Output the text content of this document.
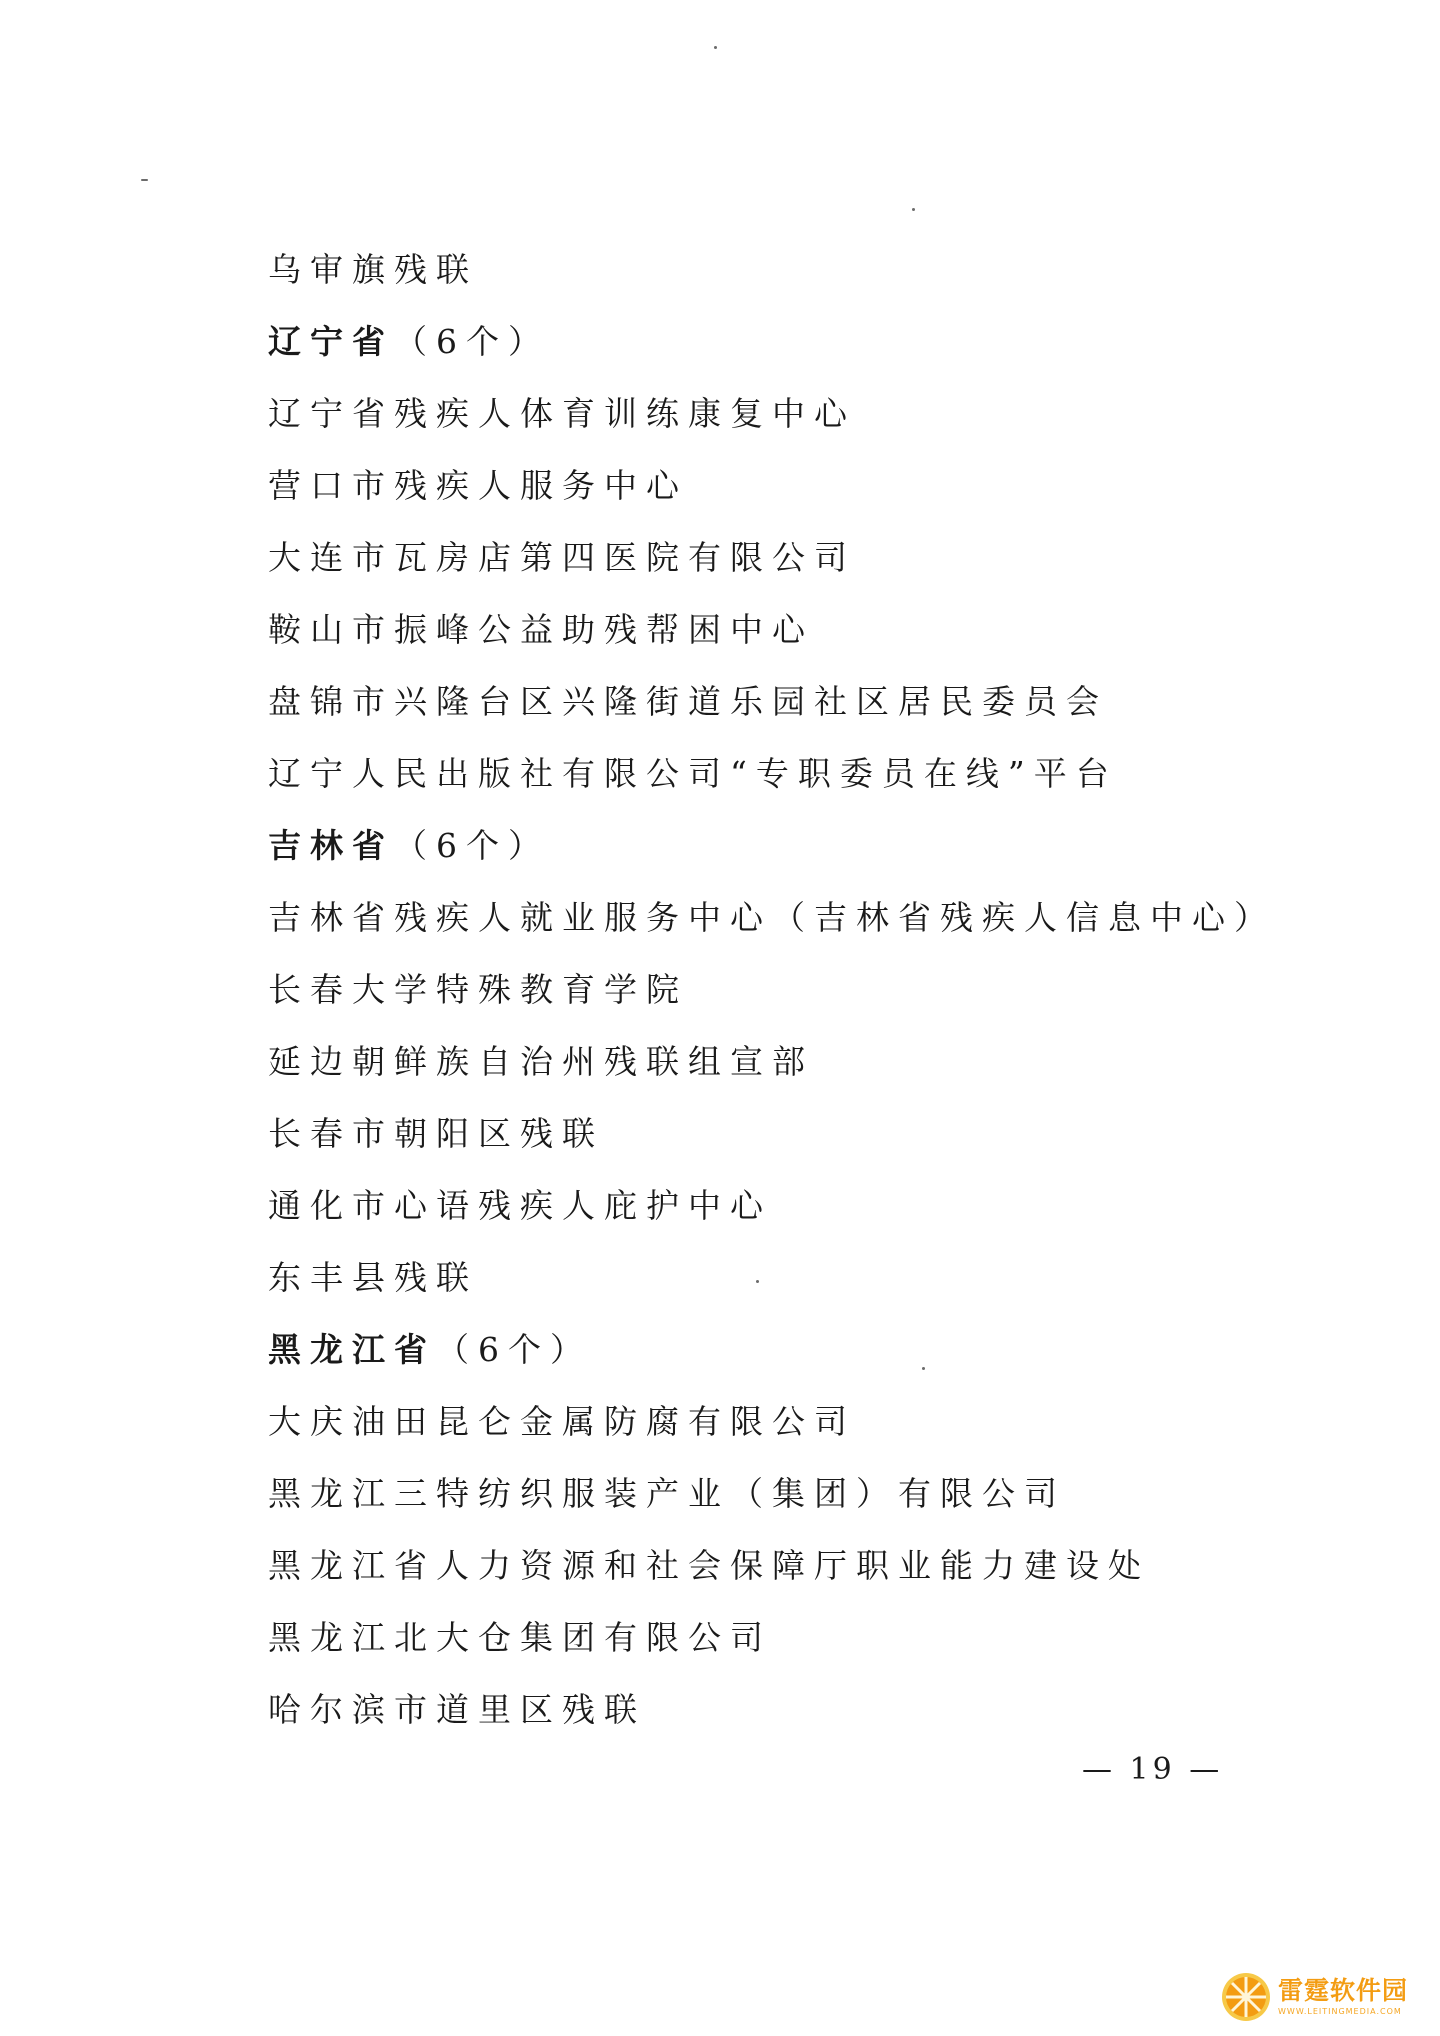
乌审旗残联
辽宁省（6个）
辽宁省残疾人体育训练康复中心
营口市残疾人服务中心
大连市瓦房店第四医院有限公司
鞍山市振峰公益助残帮困中心
盘锦市兴隆台区兴隆街道乐园社区居民委员会
辽宁人民出版社有限公司“专职委员在线”平台
吉林省（6个）
吉林省残疾人就业服务中心（吉林省残疾人信息中心）
长春大学特殊教育学院
延边朝鲜族自治州残联组宣部
长春市朝阳区残联
通化市心语残疾人庇护中心
东丰县残联
黑龙江省（6个）
大庆油田昆仑金属防腐有限公司
黑龙江三特纺织服装产业（集团）有限公司
黑龙江省人力资源和社会保障厅职业能力建设处
黑龙江北大仓集团有限公司
哈尔滨市道里区残联
— 19 —
雷霆软件园
WWW.LEITINGMEDIA.COM
